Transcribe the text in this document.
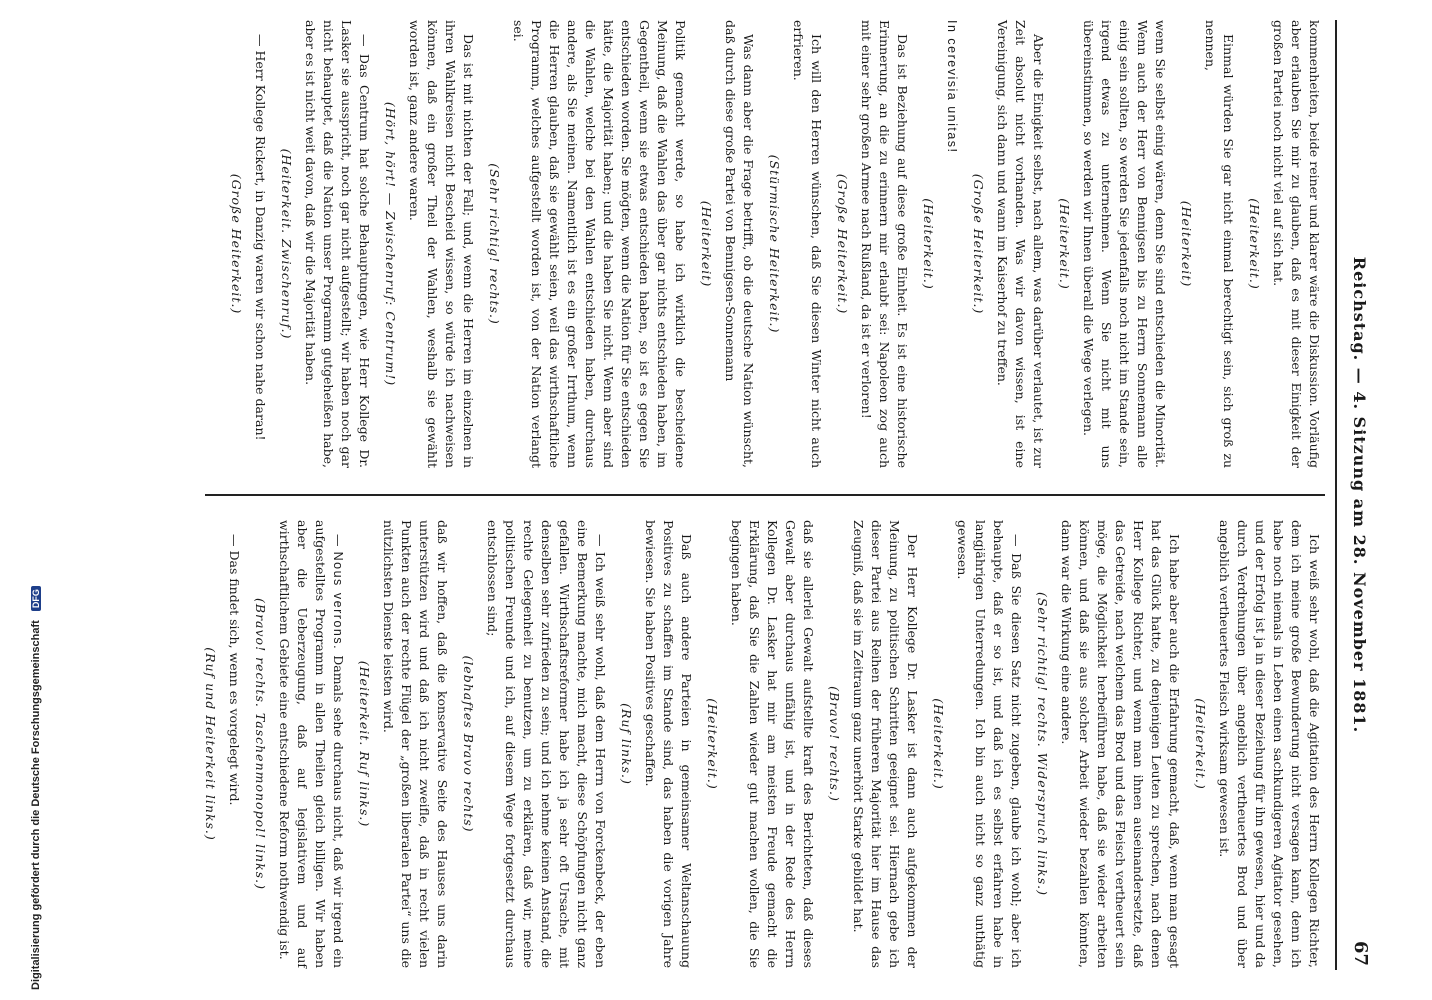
Reichstag. — 4. Sitzung am 28. November 1881.
67

kommenheiten, beide reiner und klarer wäre die Diskussion. Vorläufig aber erlauben Sie mir zu glauben, daß es mit dieser Einigkeit der großen Partei noch nicht viel auf sich hat.

(Heiterkeit.)

Einmal würden Sie gar nicht einmal berechtigt sein, sich groß zu nennen,

(Heiterkeit)

wenn Sie selbst einig wären, denn Sie sind entschieden die Minorität. Wenn auch der Herr von Bennigsen bis zu Herrn Sonnemann alle einig sein sollten, so werden Sie jedenfalls noch nicht im Stande sein, irgend etwas zu unternehmen. Wenn Sie nicht mit uns übereinstimmen, so werden wir Ihnen überall die Wege verlegen.

(Heiterkeit.)

Aber die Einigkeit selbst, nach allem, was darüber verlautet, ist zur Zeit absolut nicht vorhanden. Was wir davon wissen, ist eine Vereinigung, sich dann und wann im Kaiserhof zu treffen.

(Große Heiterkeit.)

In cerevisia unitas!

(Heiterkeit.)

Das ist Beziehung auf diese große Einheit. Es ist eine historische Erinnerung, an die zu erinnern mir erlaubt sei: Napoleon zog auch mit einer sehr großen Armee nach Rußland, da ist er verloren!

(Große Heiterkeit.)

Ich will den Herren wünschen, daß Sie diesen Winter nicht auch erfrieren.

(Stürmische Heiterkeit.)

Was dann aber die Frage betrifft, ob die deutsche Nation wünscht, daß durch diese große Partei von Bennigsen-Sonnemann

(Heiterkeit)

Politik gemacht werde, so habe ich wirklich die bescheidene Meinung, daß die Wahlen das über gar nichts entschieden haben, im Gegentheil, wenn sie etwas entschieden haben, so ist es gegen Sie entschieden worden. Sie mögten, wenn die Nation für Sie entschieden hätte, die Majorität haben; und die haben Sie nicht. Wenn aber sind die Wahlen, welche bei den Wahlen entschieden haben, durchaus andere, als Sie meinen. Namentlich ist es ein großer Irrthum, wenn die Herren glauben, daß sie gewählt seien, weil das wirthschaftliche Programm, welches aufgestellt worden ist, von der Nation verlangt sei.

(Sehr richtig! rechts.)

Das ist mit nichten der Fall; und, wenn die Herren im einzelnen in ihren Wahlkreisen nicht Bescheid wissen, so würde ich nachweisen können, daß ein großer Theil der Wahlen, weshalb sie gewählt worden ist, ganz andere waren.

(Hört, hört! — Zwischenruf: Centrum!)

— Das Centrum hat solche Behauptungen, wie Herr Kollege Dr. Lasker sie ausspricht, noch gar nicht aufgestellt; wir haben noch gar nicht behauptet, daß die Nation unser Programm gutgeheißen habe, aber es ist nicht weit davon, daß wir die Majorität haben.

(Heiterkeit. Zwischenruf.)

— Herr Kollege Rickert, in Danzig waren wir schon nahe daran!

(Große Heiterkeit.)

Ich weiß sehr wohl, daß die Agitation des Herrn Kollegen Richter, dem ich meine große Bewunderung nicht versagen kann, denn ich habe noch niemals in Leben einen sachkundigeren Agitator gesehen, und der Erfolg ist ja in dieser Beziehung für ihn gewesen, hier und da durch Verdrehungen über angeblich vertheuertes Brod und über angeblich vertheuertes Fleisch wirksam gewesen ist.

(Heiterkeit.)

Ich habe aber auch die Erfahrung gemacht, daß, wenn man gesagt hat das Glück hatte, zu denjenigen Leuten zu sprechen, nach denen Herr Kollege Richter, und wenn man ihnen auseinandersetzte, daß das Getreide, nach welchem das Brod und das Fleisch vertheuert sein möge, die Möglichkeit herbeiführen habe, daß sie wieder arbeiten können, und daß sie aus solcher Arbeit wieder bezahlen könnten, dann war die Wirkung eine andere.

(Sehr richtig! rechts. Widerspruch links.)

— Daß Sie diesen Satz nicht zugeben, glaube ich wohl; aber ich behaupte, daß er so ist, und daß ich es selbst erfahren habe in langjährigen Unterredungen. Ich bin auch nicht so ganz unthätig gewesen.

(Heiterkeit.)

Der Herr Kollege Dr. Lasker ist dann auch aufgekommen der Meinung, zu politischen Schritten geeignet sei. Hiernach gebe ich dieser Partei aus Reihen der früheren Majorität hier im Hause das Zeugniß, daß sie im Zeitraum ganz unerhört Starke gebildet hat.

(Bravo! rechts.)

daß sie allerlei Gewalt aufstellte kraft des Berichteten, daß dieses Gewalt aber durchaus unfähig ist, und in der Rede des Herrn Kollegen Dr. Lasker hat mir am meisten Freude gemacht die Erklärung, daß Sie die Zahlen wieder gut machen wollen, die Sie begingen haben.

(Heiterkeit.)

Daß auch andere Parteien in gemeinsamer Weltanschauung Positives zu schaffen im Stande sind, das haben die vorigen Jahre bewiesen. Sie haben Positives geschaffen.

(Ruf links.)

— Ich weiß sehr wohl, daß dem Herrn von Forckenbeck, der eben eine Bemerkung machte, mich macht, diese Schöpfungen nicht ganz gefallen. Wirthschaftsreformer habe ich ja sehr oft Ursache, mit denselben sehr zufrieden zu sein; und ich nehme keinen Anstand, die rechte Gelegenheit zu benutzen, um zu erklären, daß wir, meine politischen Freunde und ich, auf diesem Wege fortgesetzt durchaus entschlossen sind;

(lebhaftes Bravo rechts)

daß wir hoffen, daß die konservative Seite des Hauses uns darin unterstützen wird und daß ich nicht zweifle, daß in recht vielen Punkten auch der rechte Flügel der „großen liberalen Partei“ uns die nützlichsten Dienste leisten wird.

(Heiterkeit. Ruf links.)

— Nous verrons. Damals sehe durchaus nicht, daß wir irgend ein aufgestelltes Programm in allen Theilen gleich billigen. Wir haben aber die Ueberzeugung, daß auf legislativem und auf wirthschaftlichem Gebiete eine entschiedene Reform nothwendig ist.

(Bravo! rechts. Taschenmonopol! links.)

— Das findet sich, wenn es vorgelegt wird.

(Ruf und Heiterkeit links.)

Digitalisierung gefördert durch die Deutsche Forschungsgemeinschaft DFG
